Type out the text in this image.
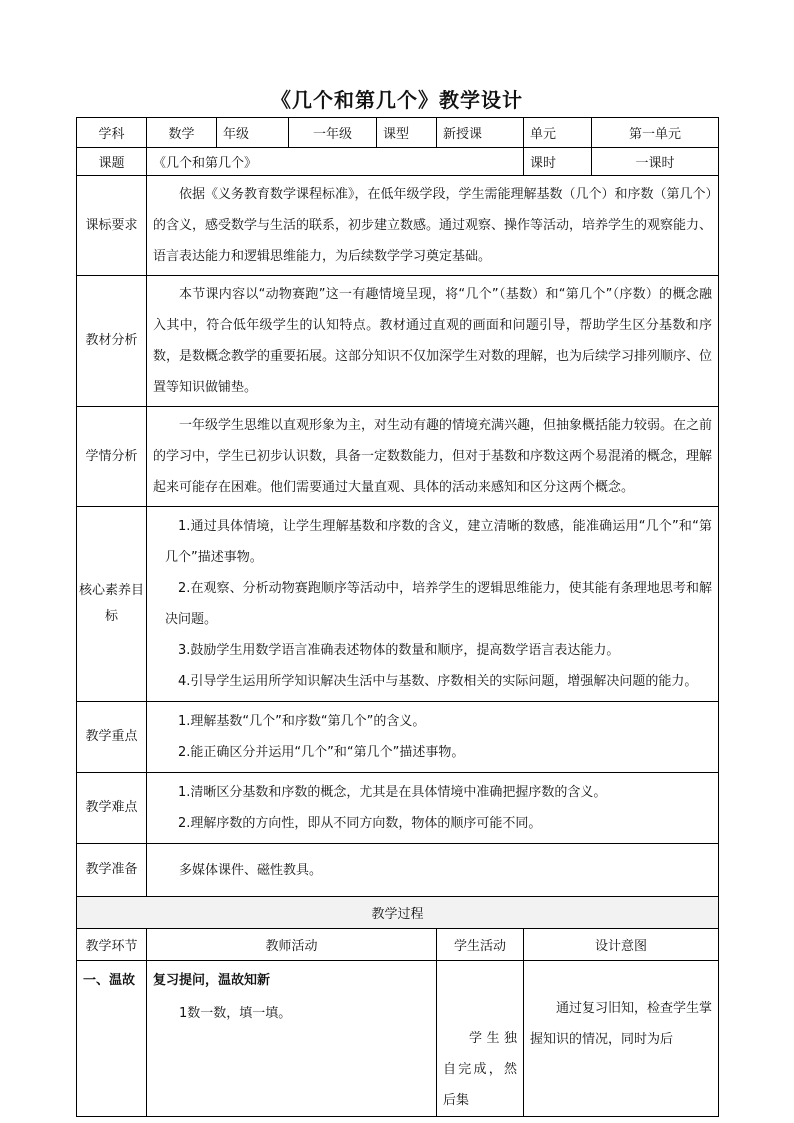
《几个和第几个》教学设计
学科	数学	年级	一年级	课型	新授课	单元	第一单元
课题	《几个和第几个》					课时	一课时
课标要求	依据《义务教育数学课程标准》，在低年级学段，学生需能理解基数（几个）和序数（第几个）的含义，感受数学与生活的联系，初步建立数感。通过观察、操作等活动，培养学生的观察能力、语言表达能力和逻辑思维能力，为后续数学学习奠定基础。						
教材分析	本节课内容以“动物赛跑”这一有趣情境呈现，将“几个”（基数）和“第几个”（序数）的概念融入其中，符合低年级学生的认知特点。教材通过直观的画面和问题引导，帮助学生区分基数和序数，是数概念教学的重要拓展。这部分知识不仅加深学生对数的理解，也为后续学习排列顺序、位置等知识做铺垫。						
学情分析	一年级学生思维以直观形象为主，对生动有趣的情境充满兴趣，但抽象概括能力较弱。在之前的学习中，学生已初步认识数，具备一定数数能力，但对于基数和序数这两个易混淆的概念，理解起来可能存在困难。他们需要通过大量直观、具体的活动来感知和区分这两个概念。						
核心素养目标	1.通过具体情境，让学生理解基数和序数的含义，建立清晰的数感，能准确运用“几个”和“第几个”描述事物。
2.在观察、分析动物赛跑顺序等活动中，培养学生的逻辑思维能力，使其能有条理地思考和解决问题。
3.鼓励学生用数学语言准确表述物体的数量和顺序，提高数学语言表达能力。
4.引导学生运用所学知识解决生活中与基数、序数相关的实际问题，增强解决问题的能力。						

教学重点	1.理解基数“几个”和序数“第几个”的含义。
2.能正确区分并运用“几个”和“第几个”描述事物。						

教学难点	1.清晰区分基数和序数的概念，尤其是在具体情境中准确把握序数的含义。
2.理解序数的方向性，即从不同方向数，物体的顺序可能不同。						

教学准备	多媒体课件、磁性教具。						
教学过程							
教学环节	教师活动				学生活动	设计意图	
一、温故	复习提问，温故知新
1数一数，填一填。				学生独自完成，然后集	通过复习旧知，检查学生掌握知识的情况，同时为后	
